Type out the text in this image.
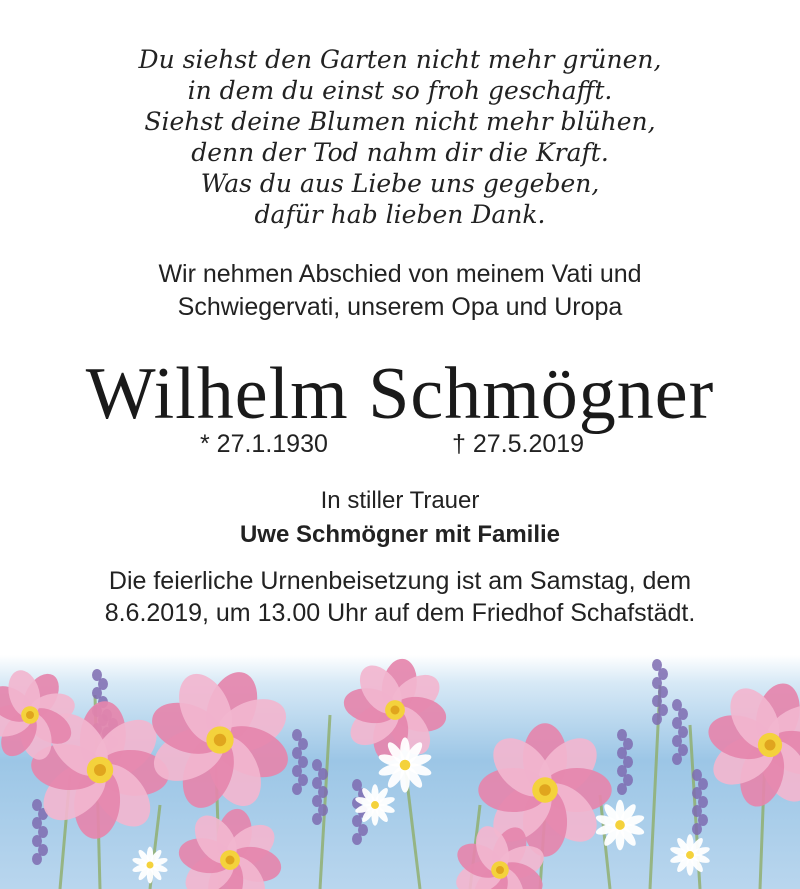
Du siehst den Garten nicht mehr grünen,
in dem du einst so froh geschafft.
Siehst deine Blumen nicht mehr blühen,
denn der Tod nahm dir die Kraft.
Was du aus Liebe uns gegeben,
dafür hab lieben Dank.
Wir nehmen Abschied von meinem Vati und
Schwiegervati, unserem Opa und Uropa
Wilhelm Schmögner
* 27.1.1930	† 27.5.2019
In stiller Trauer
Uwe Schmögner mit Familie
Die feierliche Urnenbeisetzung ist am Samstag, dem
8.6.2019, um 13.00 Uhr auf dem Friedhof Schafstädt.
